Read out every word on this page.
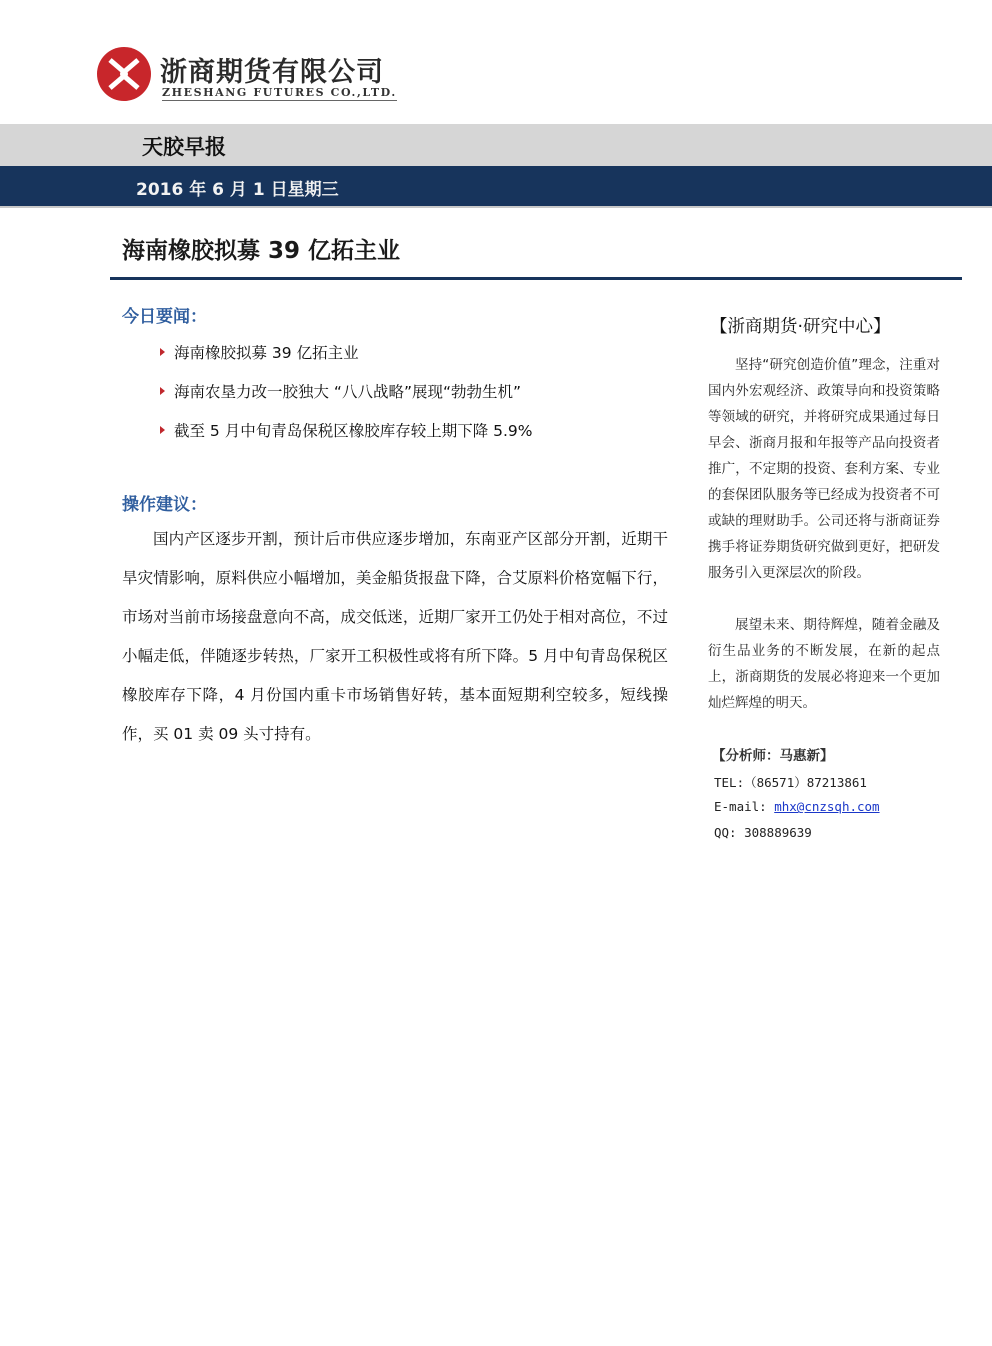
浙商期货有限公司
ZHESHANG FUTURES CO.,LTD.
天胶早报
2016 年 6 月 1 日星期三
海南橡胶拟募 39 亿拓主业
今日要闻：
海南橡胶拟募 39 亿拓主业
海南农垦力改一胶独大 “八八战略”展现“勃勃生机”
截至 5 月中旬青岛保税区橡胶库存较上期下降 5.9%
操作建议：

国内产区逐步开割，预计后市供应逐步增加，东南亚产区部分开割，近期干旱灾情影响，原料供应小幅增加，美金船货报盘下降，合艾原料价格宽幅下行，市场对当前市场接盘意向不高，成交低迷，近期厂家开工仍处于相对高位，不过小幅走低，伴随逐步转热，厂家开工积极性或将有所下降。5 月中旬青岛保税区橡胶库存下降，4 月份国内重卡市场销售好转，基本面短期利空较多，短线操作，买 01 卖 09 头寸持有。

【浙商期货·研究中心】

坚持“研究创造价值”理念，注重对国内外宏观经济、政策导向和投资策略等领域的研究，并将研究成果通过每日早会、浙商月报和年报等产品向投资者推广，不定期的投资、套利方案、专业的套保团队服务等已经成为投资者不可或缺的理财助手。公司还将与浙商证券携手将证券期货研究做到更好，把研发服务引入更深层次的阶段。

展望未来、期待辉煌，随着金融及衍生品业务的不断发展，在新的起点上，浙商期货的发展必将迎来一个更加灿烂辉煌的明天。

【分析师：马惠新】
TEL:（86571）87213861
E-mail: mhx@cnzsqh.com
QQ: 308889639
